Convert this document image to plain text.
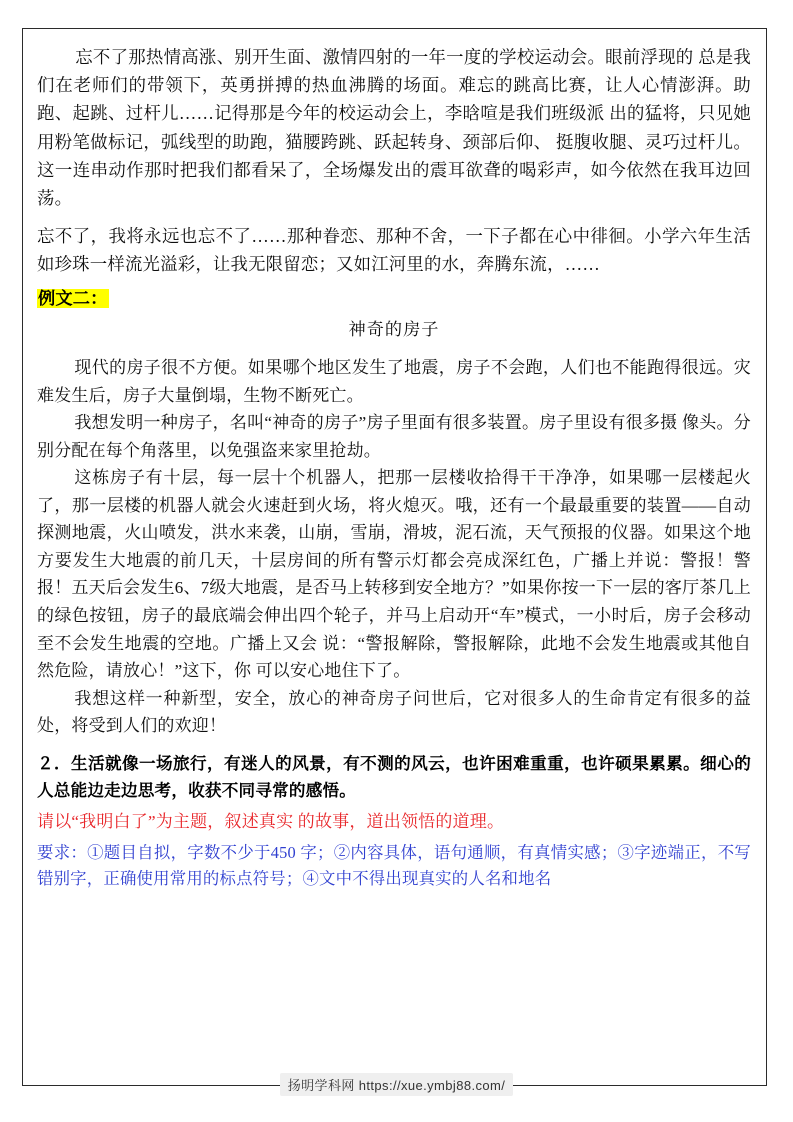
忘不了那热情高涨、别开生面、激情四射的一年一度的学校运动会。眼前浮现的 总是我们在老师们的带领下，英勇拼搏的热血沸腾的场面。难忘的跳高比赛，让人心情澎湃。助跑、起跳、过杆儿……记得那是今年的校运动会上，李晗喧是我们班级派 出的猛将，只见她用粉笔做标记，弧线型的助跑，猫腰跨跳、跃起转身、颈部后仰、 挺腹收腿、灵巧过杆儿。这一连串动作那时把我们都看呆了，全场爆发出的震耳欲聋的喝彩声，如今依然在我耳边回荡。

忘不了，我将永远也忘不了……那种眷恋、那种不舍，一下子都在心中徘徊。小学六年生活如珍珠一样流光溢彩，让我无限留恋；又如江河里的水，奔腾东流，……

例文二：

神奇的房子

现代的房子很不方便。如果哪个地区发生了地震，房子不会跑，人们也不能跑得很远。灾难发生后，房子大量倒塌，生物不断死亡。

我想发明一种房子，名叫“神奇的房子”房子里面有很多装置。房子里设有很多摄 像头。分别分配在每个角落里，以免强盗来家里抢劫。

这栋房子有十层，每一层十个机器人，把那一层楼收拾得干干净净，如果哪一层楼起火了，那一层楼的机器人就会火速赶到火场，将火熄灭。哦，还有一个最最重要的装置——自动探测地震，火山喷发，洪水来袭，山崩，雪崩，滑坡，泥石流，天气预报的仪器。如果这个地方要发生大地震的前几天，十层房间的所有警示灯都会亮成深红色，广播上并说：警报！警报！五天后会发生6、7级大地震，是否马上转移到安全地方？”如果你按一下一层的客厅茶几上的绿色按钮，房子的最底端会伸出四个轮子，并马上启动开“车”模式，一小时后，房子会移动至不会发生地震的空地。广播上又会 说：“警报解除，警报解除，此地不会发生地震或其他自然危险，请放心！”这下，你 可以安心地住下了。

我想这样一种新型，安全，放心的神奇房子问世后，它对很多人的生命肯定有很多的益处，将受到人们的欢迎！

２．生活就像一场旅行，有迷人的风景，有不测的风云，也许困难重重，也许硕果累累。细心的人总能边走边思考，收获不同寻常的感悟。

请以“我明白了”为主题，叙述真实 的故事，道出领悟的道理。

要求：①题目自拟，字数不少于450 字；②内容具体，语句通顺，有真情实感；③字迹端正，不写错别字，正确使用常用的标点符号；④文中不得出现真实的人名和地名

扬明学科网 https://xue.ymbj88.com/
